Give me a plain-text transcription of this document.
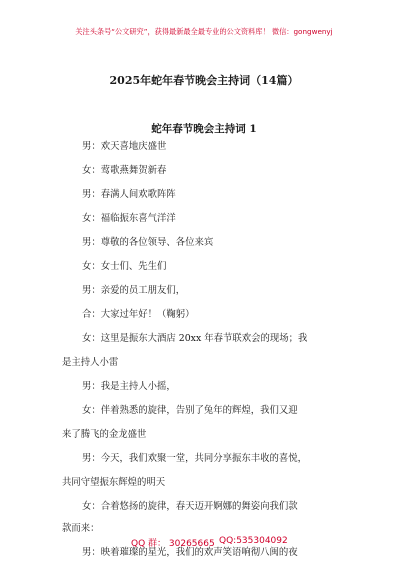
关注头条号“公文研究”，获得最新最全最专业的公文资料库！ 微信：gongwenyj
2025年蛇年春节晚会主持词（14篇）
蛇年春节晚会主持词 1
男：欢天喜地庆盛世
女：莺歌燕舞贺新春
男：春满人间欢歌阵阵
女：福临振东喜气洋洋
男：尊敬的各位领导、各位来宾
女：女士们、先生们
男：亲爱的员工朋友们，
合：大家过年好！（鞠躬）
女：这里是振东大酒店 20xx 年春节联欢会的现场；我
是主持人小雷
男：我是主持人小摇，
女：伴着熟悉的旋律，告别了兔年的辉煌，我们又迎
来了腾飞的金龙盛世
男：今天，我们欢聚一堂，共同分享振东丰收的喜悦，
共同守望振东辉煌的明天
女：合着悠扬的旋律，春天迈开婀娜的舞姿向我们款
款而来：
男：映着璀璨的星光，我们的欢声笑语响彻八闽的夜
QQ 群： 30265665 QQ:535304092
